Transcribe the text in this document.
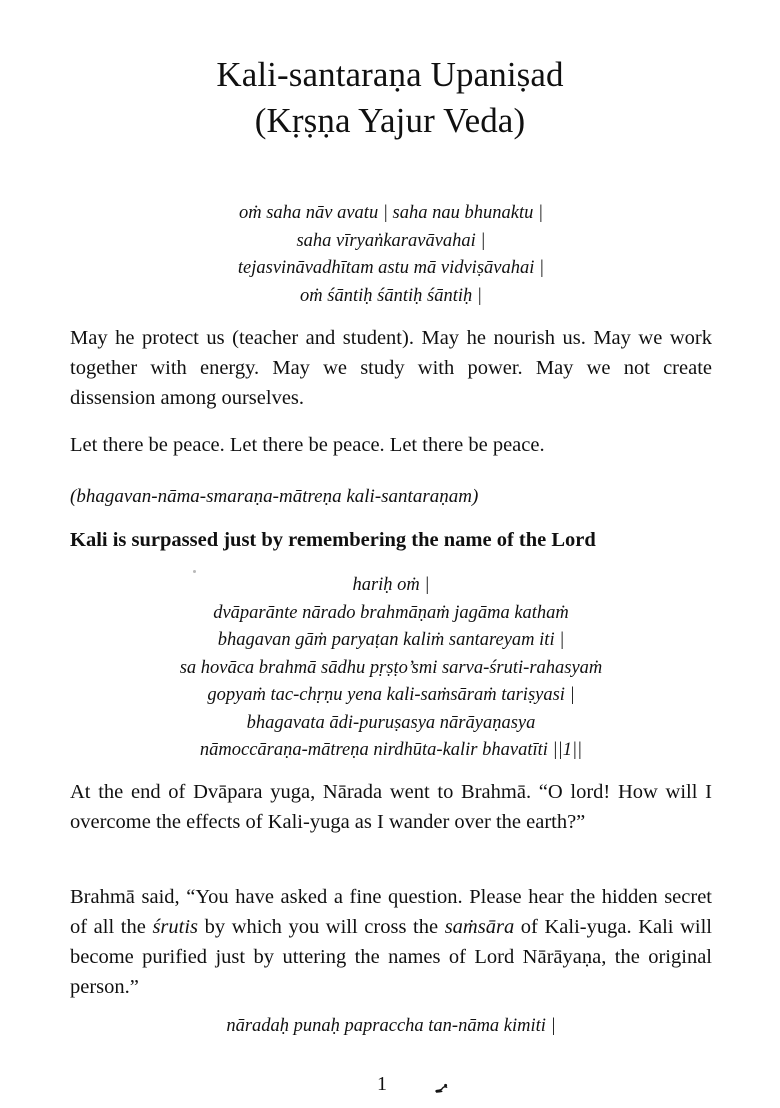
Kali-santaraṇa Upaniṣad
(Kṛṣṇa Yajur Veda)
oṁ saha nāv avatu | saha nau bhunaktu |
saha vīryaṅkaravāvahai |
tejasvināvadhītam astu mā vidviṣāvahai |
oṁ śāntiḥ śāntiḥ śāntiḥ |
May he protect us (teacher and student). May he nourish us. May we work together with energy. May we study with power. May we not create dissension among ourselves.
Let there be peace. Let there be peace. Let there be peace.
(bhagavan-nāma-smaraṇa-mātreṇa kali-santaraṇam)
Kali is surpassed just by remembering the name of the Lord
hariḥ oṁ |
dvāparānte nārado brahmāṇaṁ jagāma kathaṁ
bhagavan gāṁ paryaṭan kaliṁ santareyam iti |
sa hovāca brahmā sādhu pṛṣṭo’smi sarva-śruti-rahasyaṁ
gopyaṁ tac-chṛṇu yena kali-saṁsāraṁ tariṣyasi |
bhagavata ādi-puruṣasya nārāyaṇasya
nāmoccāraṇa-mātreṇa nirdhūta-kalir bhavatīti ||1||
At the end of Dvāpara yuga, Nārada went to Brahmā. “O lord! How will I overcome the effects of Kali-yuga as I wander over the earth?”
Brahmā said, “You have asked a fine question. Please hear the hidden secret of all the śrutis by which you will cross the saṁsāra of Kali-yuga. Kali will become purified just by uttering the names of Lord Nārāyaṇa, the original person.”
nāradaḥ punaḥ papraccha tan-nāma kimiti |
1
